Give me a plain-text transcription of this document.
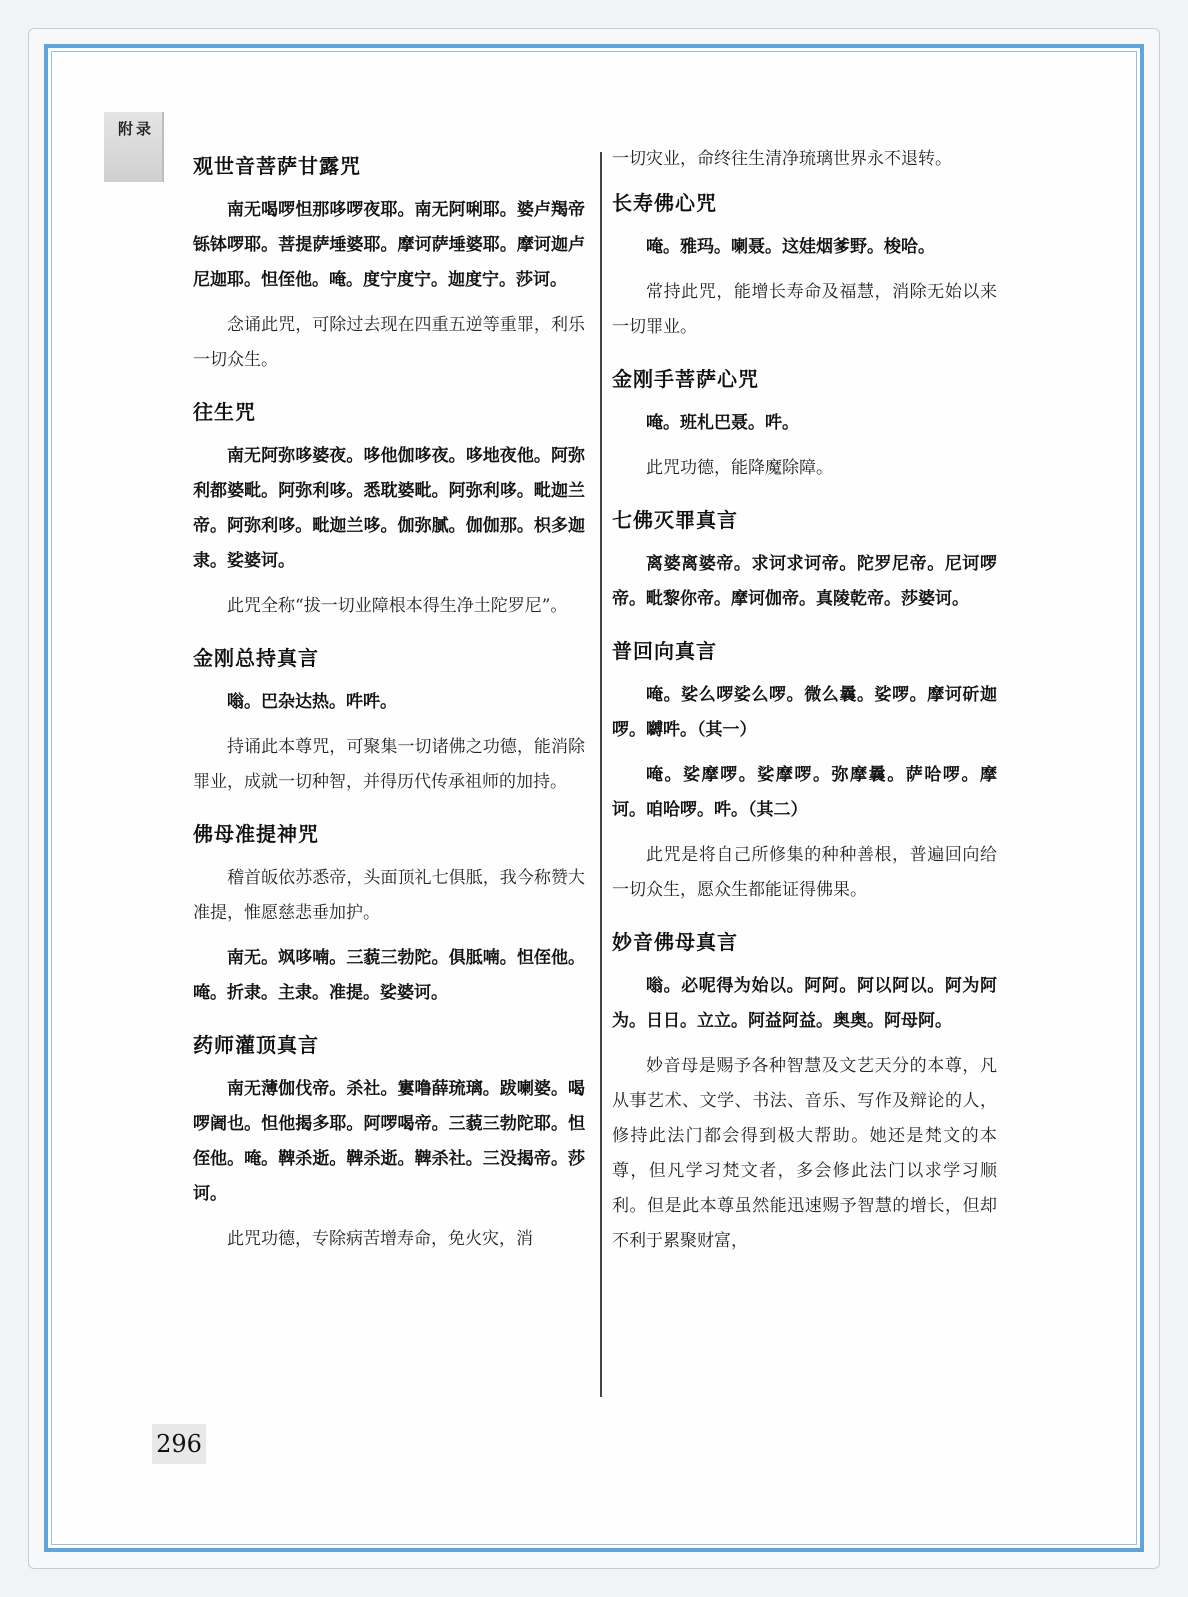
附录
观世音菩萨甘露咒

南无喝啰怛那哆啰夜耶。南无阿唎耶。婆卢羯帝铄钵啰耶。菩提萨埵婆耶。摩诃萨埵婆耶。摩诃迦卢尼迦耶。怛侄他。唵。度宁度宁。迦度宁。莎诃。

念诵此咒，可除过去现在四重五逆等重罪，利乐一切众生。

往生咒

南无阿弥哆婆夜。哆他伽哆夜。哆地夜他。阿弥利都婆毗。阿弥利哆。悉耽婆毗。阿弥利哆。毗迦兰帝。阿弥利哆。毗迦兰哆。伽弥腻。伽伽那。枳多迦隶。娑婆诃。

此咒全称“拔一切业障根本得生净土陀罗尼”。

金刚总持真言

嗡。巴杂达热。吽吽。

持诵此本尊咒，可聚集一切诸佛之功德，能消除罪业，成就一切种智，并得历代传承祖师的加持。

佛母准提神咒

稽首皈依苏悉帝，头面顶礼七俱胝，我今称赞大准提，惟愿慈悲垂加护。

南无。飒哆喃。三藐三勃陀。俱胝喃。怛侄他。唵。折隶。主隶。准提。娑婆诃。

药师灌顶真言

南无薄伽伐帝。杀社。寠噜薛琉璃。跋喇婆。喝啰阇也。怛他揭多耶。阿啰喝帝。三藐三勃陀耶。怛侄他。唵。鞞杀逝。鞞杀逝。鞞杀社。三没揭帝。莎诃。

此咒功德，专除病苦增寿命，免火灾，消

一切灾业，命终往生清净琉璃世界永不退转。

长寿佛心咒

唵。雅玛。喇聂。这娃烟爹野。梭哈。

常持此咒，能增长寿命及福慧，消除无始以来一切罪业。

金刚手菩萨心咒

唵。班札巴聂。吽。

此咒功德，能降魔除障。

七佛灭罪真言

离婆离婆帝。求诃求诃帝。陀罗尼帝。尼诃啰帝。毗黎你帝。摩诃伽帝。真陵乾帝。莎婆诃。

普回向真言

唵。娑么啰娑么啰。微么曩。娑啰。摩诃斫迦啰。嚩吽。（其一）

唵。娑摩啰。娑摩啰。弥摩曩。萨哈啰。摩诃。咱哈啰。吽。（其二）

此咒是将自己所修集的种种善根，普遍回向给一切众生，愿众生都能证得佛果。

妙音佛母真言

嗡。必呢得为始以。阿阿。阿以阿以。阿为阿为。日日。立立。阿益阿益。奥奥。阿母阿。

妙音母是赐予各种智慧及文艺天分的本尊，凡从事艺术、文学、书法、音乐、写作及辩论的人，修持此法门都会得到极大帮助。她还是梵文的本尊，但凡学习梵文者，多会修此法门以求学习顺利。但是此本尊虽然能迅速赐予智慧的增长，但却不利于累聚财富，

296
